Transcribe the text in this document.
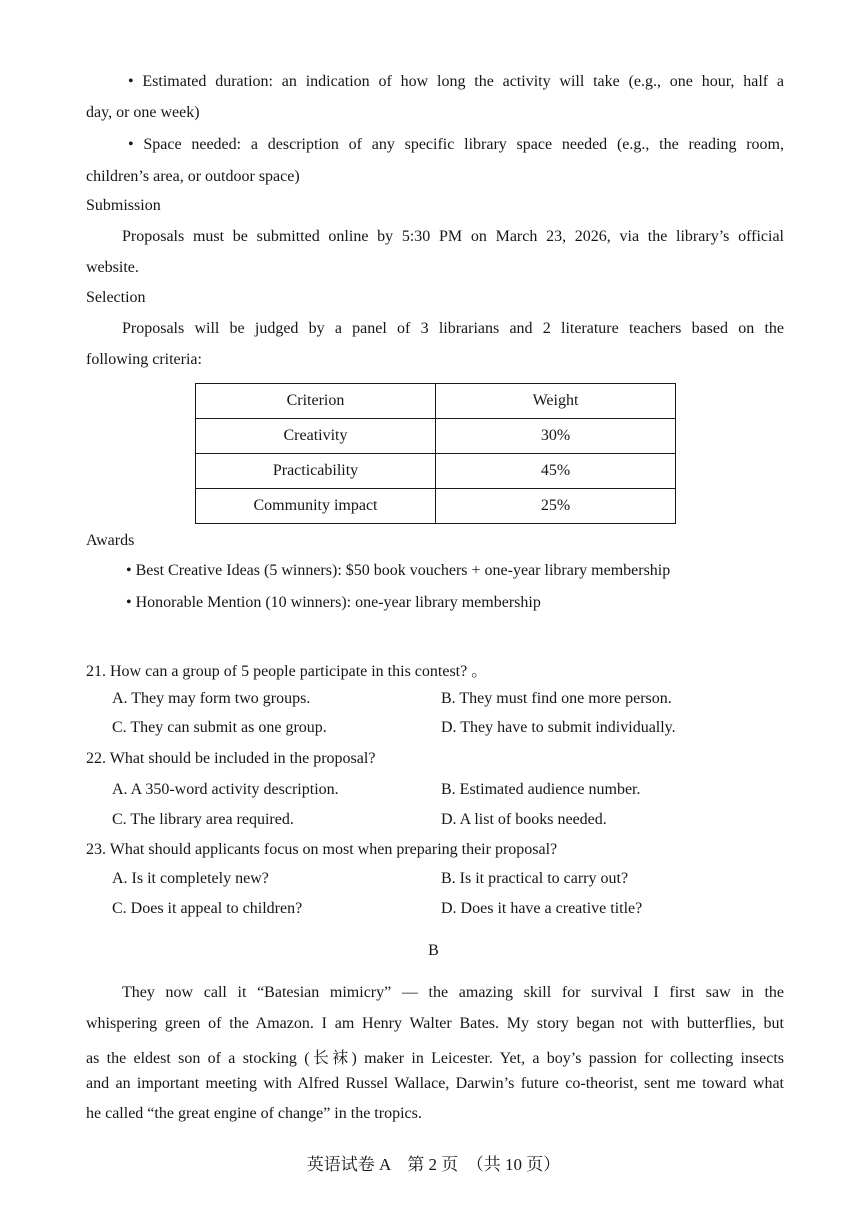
• Estimated duration: an indication of how long the activity will take (e.g., one hour, half a
day, or one week)
• Space needed: a description of any specific library space needed (e.g., the reading room,
children’s area, or outdoor space)
Submission
Proposals must be submitted online by 5:30 PM on March 23, 2026, via the library’s official
website.
Selection
Proposals will be judged by a panel of 3 librarians and 2 literature teachers based on the
following criteria:
Criterion	Weight
Creativity	30%
Practicability	45%
Community impact	25%
Awards
• Best Creative Ideas (5 winners): $50 book vouchers + one-year library membership
• Honorable Mention (10 winners): one-year library membership
21. How can a group of 5 people participate in this contest? 。
A. They may form two groups.	B. They must find one more person.
C. They can submit as one group.	D. They have to submit individually.
22. What should be included in the proposal?
A. A 350-word activity description.	B. Estimated audience number.
C. The library area required.	D. A list of books needed.
23. What should applicants focus on most when preparing their proposal?
A. Is it completely new?	B. Is it practical to carry out?
C. Does it appeal to children?	D. Does it have a creative title?
B
They now call it “Batesian mimicry” — the amazing skill for survival I first saw in the
whispering green of the Amazon. I am Henry Walter Bates. My story began not with butterflies, but
as the eldest son of a stocking (长袜) maker in Leicester. Yet, a boy’s passion for collecting insects
and an important meeting with Alfred Russel Wallace, Darwin’s future co-theorist, sent me toward what
he called “the great engine of change” in the tropics.
英语试卷 A　第 2 页　（共 10 页）
